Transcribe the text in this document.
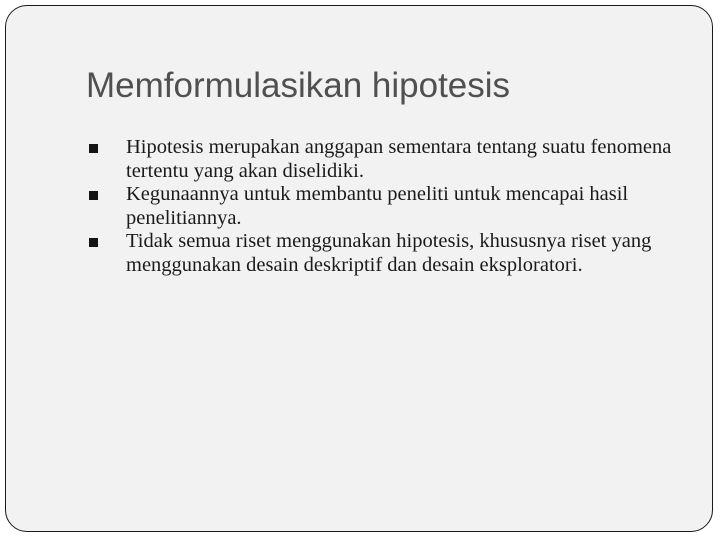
Memformulasikan hipotesis
Hipotesis merupakan anggapan sementara tentang suatu fenomena tertentu yang akan diselidiki.
Kegunaannya untuk membantu peneliti untuk mencapai hasil penelitiannya.
Tidak semua riset menggunakan hipotesis, khususnya riset yang menggunakan desain deskriptif dan desain eksploratori.
